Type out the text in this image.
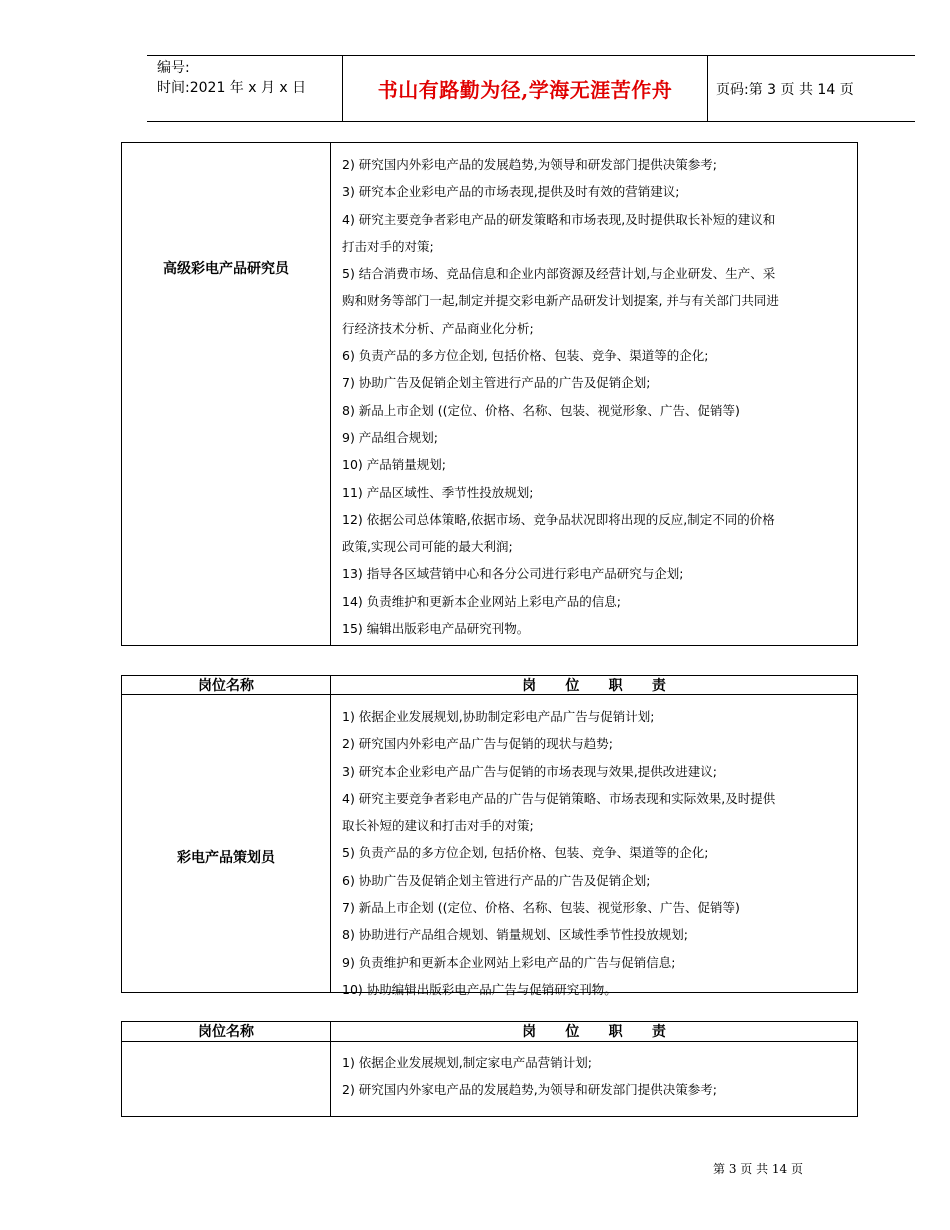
编号:
时间:2021 年 x 月 x 日	书山有路勤为径,学海无涯苦作舟	页码:第 3 页 共 14 页
高级彩电产品研究员

2) 研究国内外彩电产品的发展趋势,为领导和研发部门提供决策参考;

3) 研究本企业彩电产品的市场表现,提供及时有效的营销建议;

4) 研究主要竞争者彩电产品的研发策略和市场表现,及时提供取长补短的建议和

打击对手的对策;

5) 结合消费市场、竞品信息和企业内部资源及经营计划,与企业研发、生产、采

购和财务等部门一起,制定并提交彩电新产品研发计划提案, 并与有关部门共同进

行经济技术分析、产品商业化分析;

6) 负责产品的多方位企划, 包括价格、包装、竞争、渠道等的企化;

7) 协助广告及促销企划主管进行产品的广告及促销企划;

8) 新品上市企划 ((定位、价格、名称、包装、视觉形象、广告、促销等)

9) 产品组合规划;

10) 产品销量规划;

11) 产品区域性、季节性投放规划;

12) 依据公司总体策略,依据市场、竞争品状况即将出现的反应,制定不同的价格

政策,实现公司可能的最大利润;

13) 指导各区域营销中心和各分公司进行彩电产品研究与企划;

14) 负责维护和更新本企业网站上彩电产品的信息;

15) 编辑出版彩电产品研究刊物。

岗位名称	岗      位      职      责
彩电产品策划员

1) 依据企业发展规划,协助制定彩电产品广告与促销计划;

2) 研究国内外彩电产品广告与促销的现状与趋势;

3) 研究本企业彩电产品广告与促销的市场表现与效果,提供改进建议;

4) 研究主要竞争者彩电产品的广告与促销策略、市场表现和实际效果,及时提供

取长补短的建议和打击对手的对策;

5) 负责产品的多方位企划, 包括价格、包装、竞争、渠道等的企化;

6) 协助广告及促销企划主管进行产品的广告及促销企划;

7) 新品上市企划 ((定位、价格、名称、包装、视觉形象、广告、促销等)

8) 协助进行产品组合规划、销量规划、区域性季节性投放规划;

9) 负责维护和更新本企业网站上彩电产品的广告与促销信息;

10) 协助编辑出版彩电产品广告与促销研究刊物。

岗位名称	岗      位      职      责

1) 依据企业发展规划,制定家电产品营销计划;

2) 研究国内外家电产品的发展趋势,为领导和研发部门提供决策参考;

第 3 页 共 14 页
